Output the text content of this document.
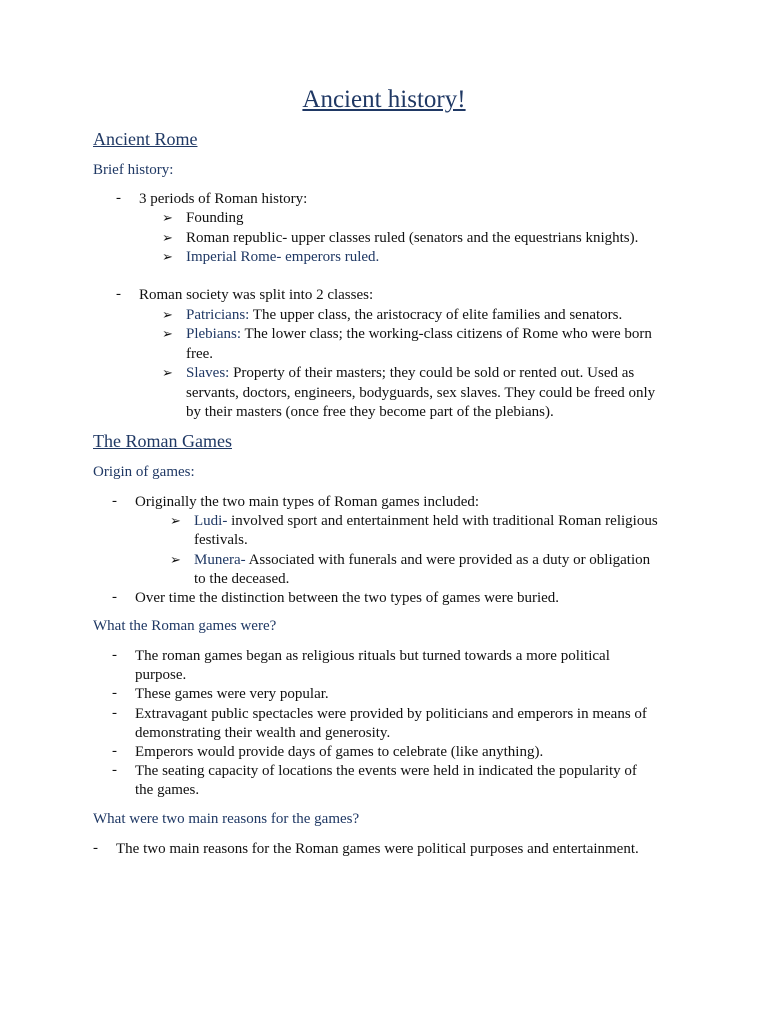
Ancient history!
Ancient Rome
Brief history:
- 3 periods of Roman history:
➢ Founding
➢ Roman republic- upper classes ruled (senators and the equestrians knights).
➢ Imperial Rome- emperors ruled.
- Roman society was split into 2 classes:
➢ Patricians: The upper class, the aristocracy of elite families and senators.
➢ Plebians: The lower class; the working-class citizens of Rome who were born
free.
➢ Slaves: Property of their masters; they could be sold or rented out. Used as
servants, doctors, engineers, bodyguards, sex slaves. They could be freed only
by their masters (once free they become part of the plebians).
The Roman Games
Origin of games:
- Originally the two main types of Roman games included:
➢ Ludi- involved sport and entertainment held with traditional Roman religious
festivals.
➢ Munera- Associated with funerals and were provided as a duty or obligation
to the deceased.
- Over time the distinction between the two types of games were buried.
What the Roman games were?
- The roman games began as religious rituals but turned towards a more political
purpose.
- These games were very popular.
- Extravagant public spectacles were provided by politicians and emperors in means of
demonstrating their wealth and generosity.
- Emperors would provide days of games to celebrate (like anything).
- The seating capacity of locations the events were held in indicated the popularity of
the games.
What were two main reasons for the games?
- The two main reasons for the Roman games were political purposes and entertainment.
